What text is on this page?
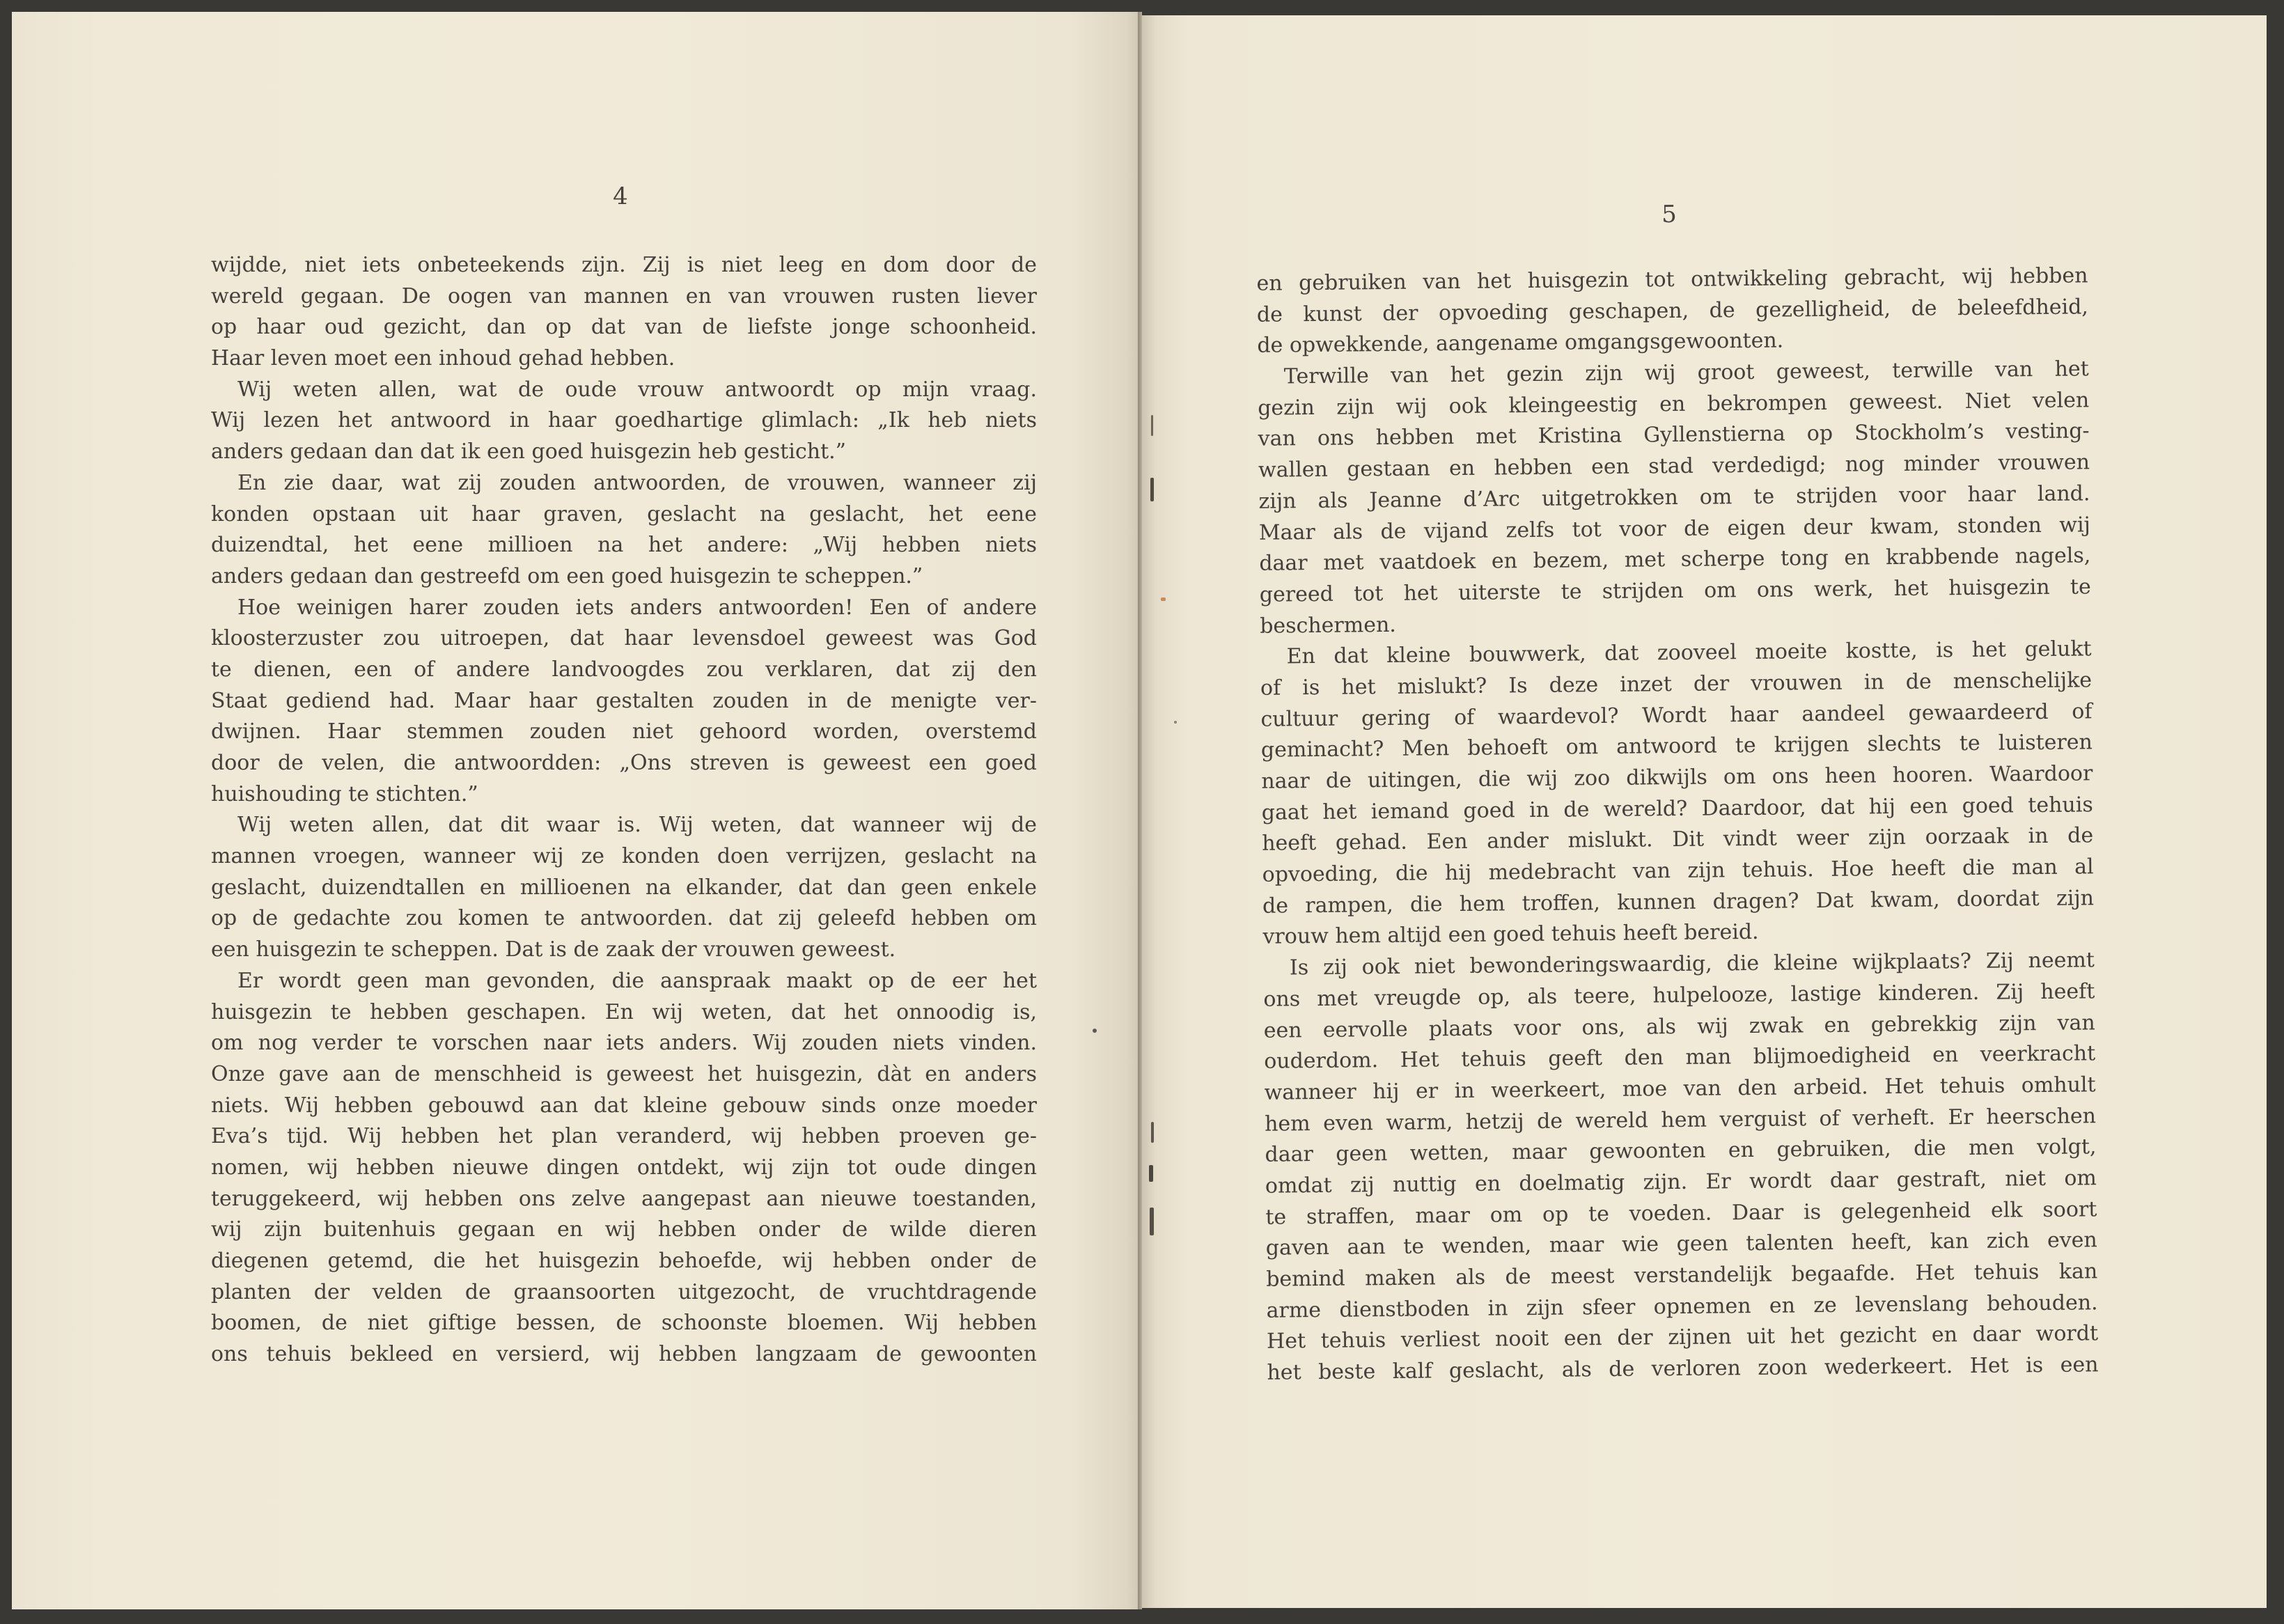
4
wijdde, niet iets onbeteekends zijn. Zij is niet leeg en dom door de
wereld gegaan. De oogen van mannen en van vrouwen rusten liever
op haar oud gezicht, dan op dat van de liefste jonge schoonheid.
Haar leven moet een inhoud gehad hebben.
Wij weten allen, wat de oude vrouw antwoordt op mijn vraag.
Wij lezen het antwoord in haar goedhartige glimlach: „Ik heb niets
anders gedaan dan dat ik een goed huisgezin heb gesticht.”
En zie daar, wat zij zouden antwoorden, de vrouwen, wanneer zij
konden opstaan uit haar graven, geslacht na geslacht, het eene
duizendtal, het eene millioen na het andere: „Wij hebben niets
anders gedaan dan gestreefd om een goed huisgezin te scheppen.”
Hoe weinigen harer zouden iets anders antwoorden! Een of andere
kloosterzuster zou uitroepen, dat haar levensdoel geweest was God
te dienen, een of andere landvoogdes zou verklaren, dat zij den
Staat gediend had. Maar haar gestalten zouden in de menigte ver-
dwijnen. Haar stemmen zouden niet gehoord worden, overstemd
door de velen, die antwoordden: „Ons streven is geweest een goed
huishouding te stichten.”
Wij weten allen, dat dit waar is. Wij weten, dat wanneer wij de
mannen vroegen, wanneer wij ze konden doen verrijzen, geslacht na
geslacht, duizendtallen en millioenen na elkander, dat dan geen enkele
op de gedachte zou komen te antwoorden. dat zij geleefd hebben om
een huisgezin te scheppen. Dat is de zaak der vrouwen geweest.
Er wordt geen man gevonden, die aanspraak maakt op de eer het
huisgezin te hebben geschapen. En wij weten, dat het onnoodig is,
om nog verder te vorschen naar iets anders. Wij zouden niets vinden.
Onze gave aan de menschheid is geweest het huisgezin, dàt en anders
niets. Wij hebben gebouwd aan dat kleine gebouw sinds onze moeder
Eva’s tijd. Wij hebben het plan veranderd, wij hebben proeven ge-
nomen, wij hebben nieuwe dingen ontdekt, wij zijn tot oude dingen
teruggekeerd, wij hebben ons zelve aangepast aan nieuwe toestanden,
wij zijn buitenhuis gegaan en wij hebben onder de wilde dieren
diegenen getemd, die het huisgezin behoefde, wij hebben onder de
planten der velden de graansoorten uitgezocht, de vruchtdragende
boomen, de niet giftige bessen, de schoonste bloemen. Wij hebben
ons tehuis bekleed en versierd, wij hebben langzaam de gewoonten
5
en gebruiken van het huisgezin tot ontwikkeling gebracht, wij hebben
de kunst der opvoeding geschapen, de gezelligheid, de beleefdheid,
de opwekkende, aangename omgangsgewoonten.
Terwille van het gezin zijn wij groot geweest, terwille van het
gezin zijn wij ook kleingeestig en bekrompen geweest. Niet velen
van ons hebben met Kristina Gyllenstierna op Stockholm’s vesting-
wallen gestaan en hebben een stad verdedigd; nog minder vrouwen
zijn als Jeanne d’Arc uitgetrokken om te strijden voor haar land.
Maar als de vijand zelfs tot voor de eigen deur kwam, stonden wij
daar met vaatdoek en bezem, met scherpe tong en krabbende nagels,
gereed tot het uiterste te strijden om ons werk, het huisgezin te
beschermen.
En dat kleine bouwwerk, dat zooveel moeite kostte, is het gelukt
of is het mislukt? Is deze inzet der vrouwen in de menschelijke
cultuur gering of waardevol? Wordt haar aandeel gewaardeerd of
geminacht? Men behoeft om antwoord te krijgen slechts te luisteren
naar de uitingen, die wij zoo dikwijls om ons heen hooren. Waardoor
gaat het iemand goed in de wereld? Daardoor, dat hij een goed tehuis
heeft gehad. Een ander mislukt. Dit vindt weer zijn oorzaak in de
opvoeding, die hij medebracht van zijn tehuis. Hoe heeft die man al
de rampen, die hem troffen, kunnen dragen? Dat kwam, doordat zijn
vrouw hem altijd een goed tehuis heeft bereid.
Is zij ook niet bewonderingswaardig, die kleine wijkplaats? Zij neemt
ons met vreugde op, als teere, hulpelooze, lastige kinderen. Zij heeft
een eervolle plaats voor ons, als wij zwak en gebrekkig zijn van
ouderdom. Het tehuis geeft den man blijmoedigheid en veerkracht
wanneer hij er in weerkeert, moe van den arbeid. Het tehuis omhult
hem even warm, hetzij de wereld hem verguist of verheft. Er heerschen
daar geen wetten, maar gewoonten en gebruiken, die men volgt,
omdat zij nuttig en doelmatig zijn. Er wordt daar gestraft, niet om
te straffen, maar om op te voeden. Daar is gelegenheid elk soort
gaven aan te wenden, maar wie geen talenten heeft, kan zich even
bemind maken als de meest verstandelijk begaafde. Het tehuis kan
arme dienstboden in zijn sfeer opnemen en ze levenslang behouden.
Het tehuis verliest nooit een der zijnen uit het gezicht en daar wordt
het beste kalf geslacht, als de verloren zoon wederkeert. Het is een
